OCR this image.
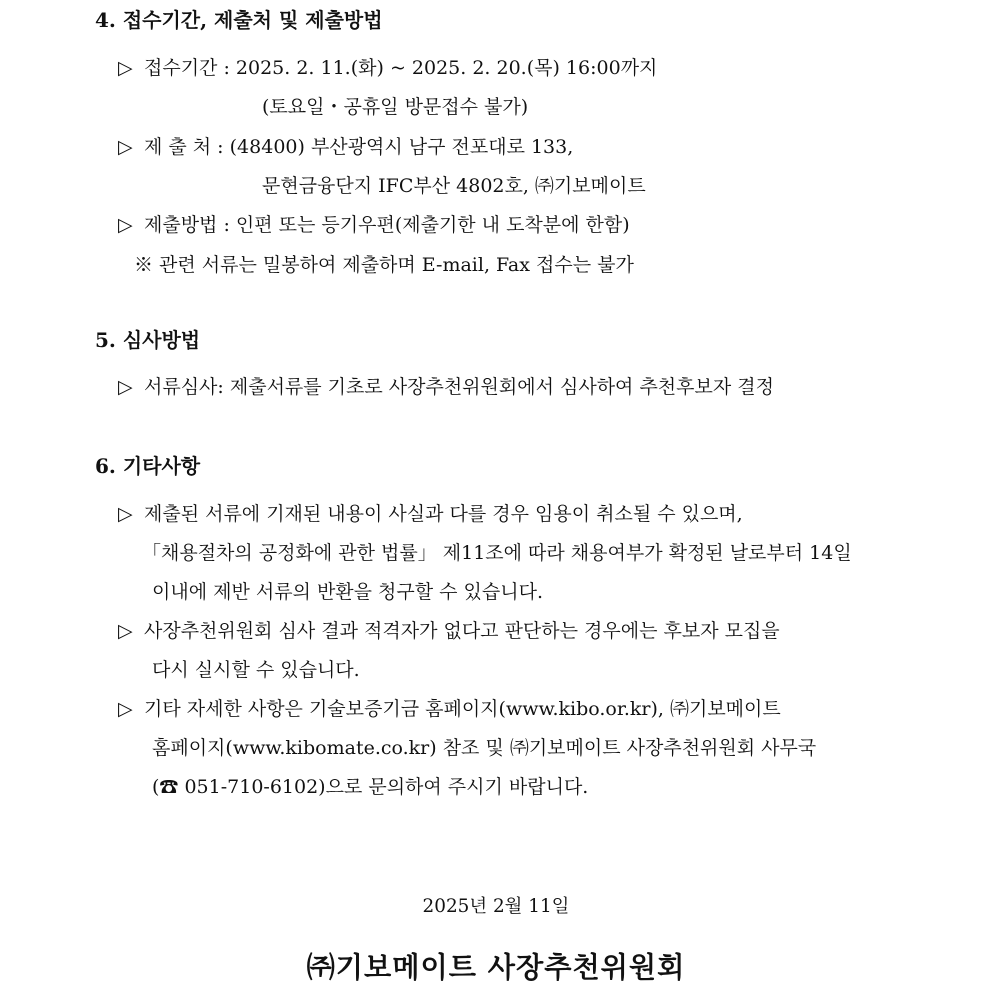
4. 접수기간, 제출처 및 제출방법
▷ 접수기간 : 2025. 2. 11.(화) ~ 2025. 2. 20.(목) 16:00까지
(토요일・공휴일 방문접수 불가)
▷ 제 출 처 : (48400) 부산광역시 남구 전포대로 133,
문현금융단지 IFC부산 4802호, ㈜기보메이트
▷ 제출방법 : 인편 또는 등기우편(제출기한 내 도착분에 한함)
※ 관련 서류는 밀봉하여 제출하며 E-mail, Fax 접수는 불가
5. 심사방법
▷ 서류심사: 제출서류를 기초로 사장추천위원회에서 심사하여 추천후보자 결정
6. 기타사항
▷ 제출된 서류에 기재된 내용이 사실과 다를 경우 임용이 취소될 수 있으며,
「채용절차의 공정화에 관한 법률」 제11조에 따라 채용여부가 확정된 날로부터 14일
이내에 제반 서류의 반환을 청구할 수 있습니다.
▷ 사장추천위원회 심사 결과 적격자가 없다고 판단하는 경우에는 후보자 모집을
다시 실시할 수 있습니다.
▷ 기타 자세한 사항은 기술보증기금 홈페이지(www.kibo.or.kr), ㈜기보메이트
홈페이지(www.kibomate.co.kr) 참조 및 ㈜기보메이트 사장추천위원회 사무국
(☎ 051-710-6102)으로 문의하여 주시기 바랍니다.
2025년 2월 11일
㈜기보메이트 사장추천위원회
